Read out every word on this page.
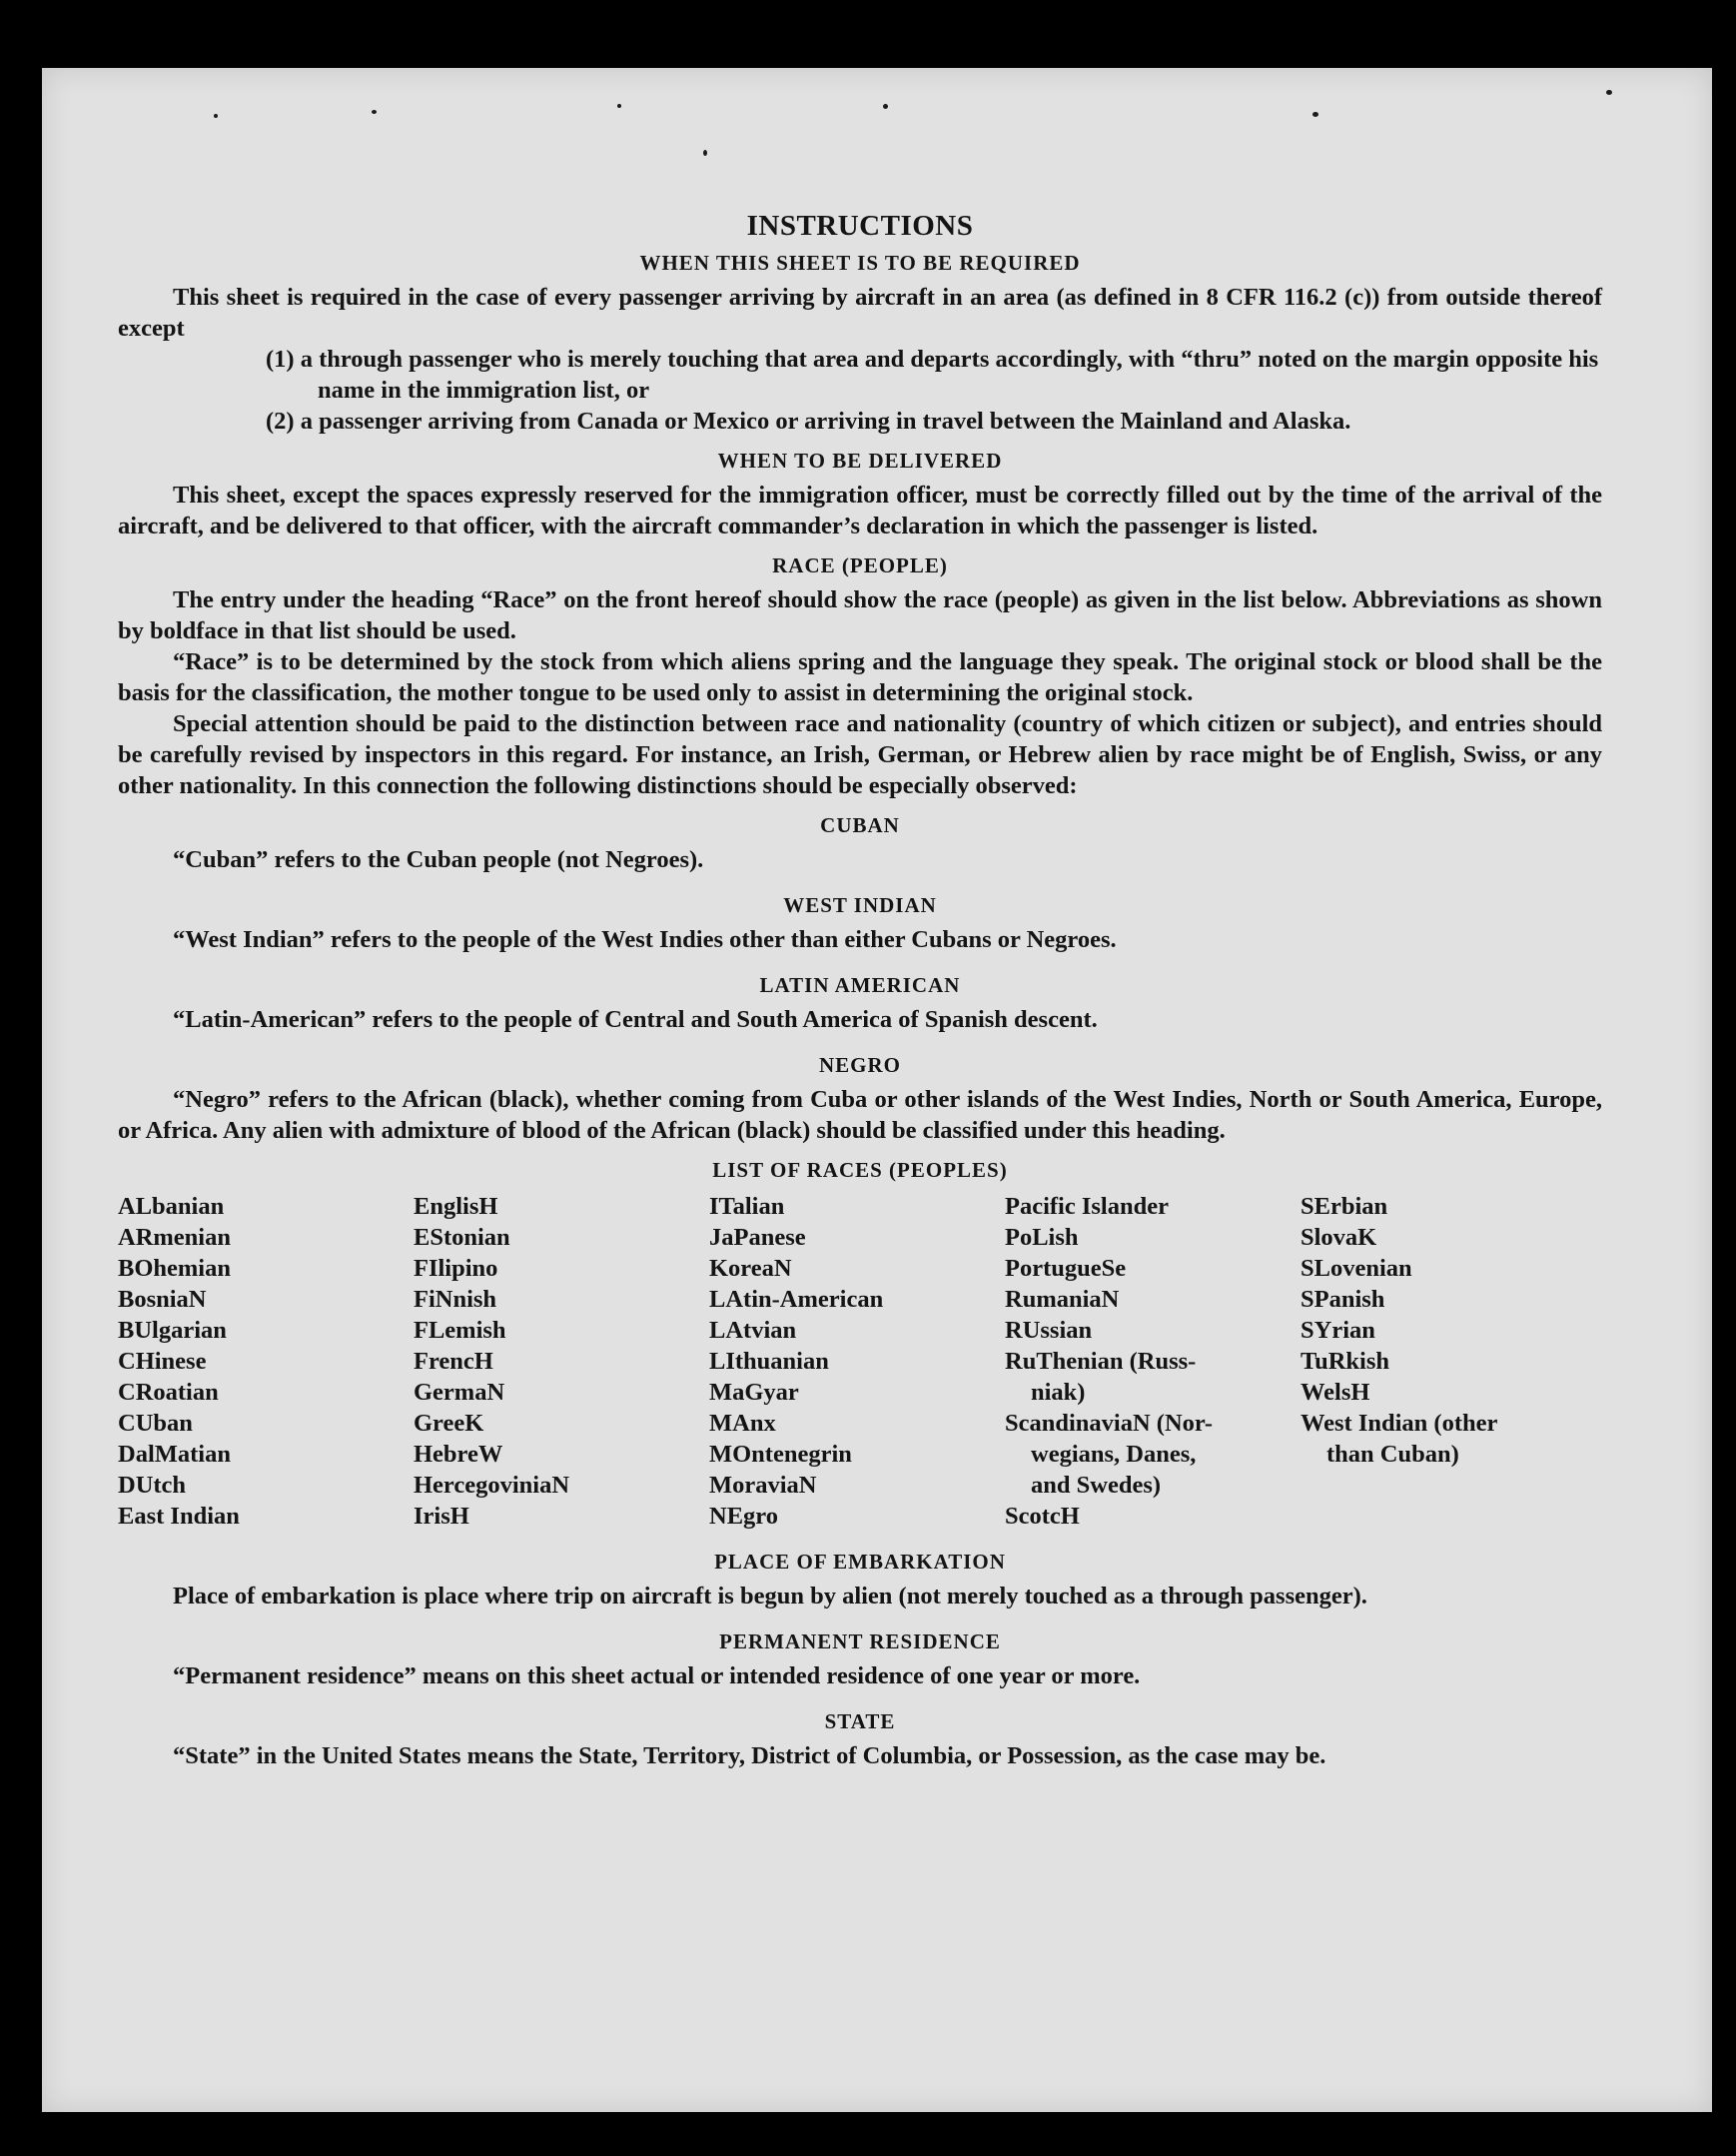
INSTRUCTIONS
WHEN THIS SHEET IS TO BE REQUIRED

This sheet is required in the case of every passenger arriving by aircraft in an area (as defined in 8 CFR 116.2 (c)) from outside thereof except

(1) a through passenger who is merely touching that area and departs accordingly, with “thru” noted on the margin opposite his name in the immigration list, or

(2) a passenger arriving from Canada or Mexico or arriving in travel between the Mainland and Alaska.

WHEN TO BE DELIVERED

This sheet, except the spaces expressly reserved for the immigration officer, must be correctly filled out by the time of the arrival of the aircraft, and be delivered to that officer, with the aircraft commander’s declaration in which the passenger is listed.

RACE (PEOPLE)

The entry under the heading “Race” on the front hereof should show the race (people) as given in the list below. Abbreviations as shown by boldface in that list should be used.

“Race” is to be determined by the stock from which aliens spring and the language they speak. The original stock or blood shall be the basis for the classification, the mother tongue to be used only to assist in determining the original stock.

Special attention should be paid to the distinction between race and nationality (country of which citizen or subject), and entries should be carefully revised by inspectors in this regard. For instance, an Irish, German, or Hebrew alien by race might be of English, Swiss, or any other nationality. In this connection the following distinctions should be especially observed:

CUBAN

“Cuban” refers to the Cuban people (not Negroes).

WEST INDIAN

“West Indian” refers to the people of the West Indies other than either Cubans or Negroes.

LATIN AMERICAN

“Latin-American” refers to the people of Central and South America of Spanish descent.

NEGRO

“Negro” refers to the African (black), whether coming from Cuba or other islands of the West Indies, North or South America, Europe, or Africa. Any alien with admixture of blood of the African (black) should be classified under this heading.

LIST OF RACES (PEOPLES)
ALbanian
ARmenian
BOhemian
BosniaN
BUlgarian
CHinese
CRoatian
CUban
DalMatian
DUtch
East Indian
EnglisH
EStonian
FIlipino
FiNnish
FLemish
FrencH
GermaN
GreeK
HebreW
HercegoviniaN
IrisH
ITalian
JaPanese
KoreaN
LAtin-American
LAtvian
LIthuanian
MaGyar
MAnx
MOntenegrin
MoraviaN
NEgro
Pacific Islander
PoLish
PortugueSe
RumaniaN
RUssian
RuThenian (Russ-
niak)
ScandinaviaN (Nor-
wegians, Danes,
and Swedes)
ScotcH
SErbian
SlovaK
SLovenian
SPanish
SYrian
TuRkish
WelsH
West Indian (other
than Cuban)
PLACE OF EMBARKATION

Place of embarkation is place where trip on aircraft is begun by alien (not merely touched as a through passenger).

PERMANENT RESIDENCE

“Permanent residence” means on this sheet actual or intended residence of one year or more.

STATE

“State” in the United States means the State, Territory, District of Columbia, or Possession, as the case may be.
